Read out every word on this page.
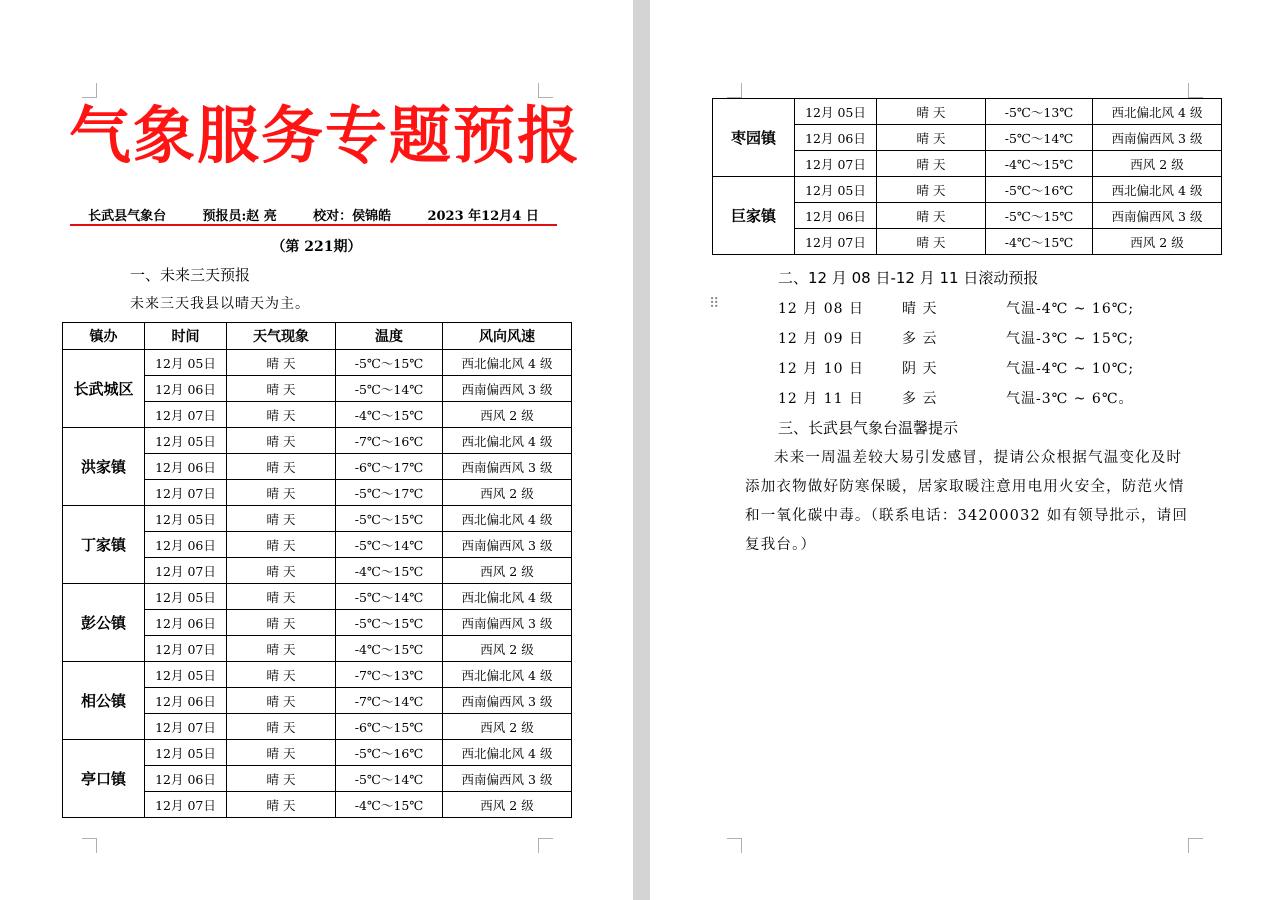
气象服务专题预报
长武县气象台	预报员:赵 亮	校对：侯锦皓	2023 年12月4 日
（第 221期）
一、未来三天预报
未来三天我县以晴天为主。
镇办	时间	天气现象	温度	风向风速
长武城区	12月 05日	晴 天	-5℃～15℃	西北偏北风 4 级
	12月 06日	晴 天	-5℃～14℃	西南偏西风 3 级
	12月 07日	晴 天	-4℃～15℃	西风 2 级
洪家镇	12月 05日	晴 天	-7℃～16℃	西北偏北风 4 级
	12月 06日	晴 天	-6℃～17℃	西南偏西风 3 级
	12月 07日	晴 天	-5℃～17℃	西风 2 级
丁家镇	12月 05日	晴 天	-5℃～15℃	西北偏北风 4 级
	12月 06日	晴 天	-5℃～14℃	西南偏西风 3 级
	12月 07日	晴 天	-4℃～15℃	西风 2 级
彭公镇	12月 05日	晴 天	-5℃～14℃	西北偏北风 4 级
	12月 06日	晴 天	-5℃～15℃	西南偏西风 3 级
	12月 07日	晴 天	-4℃～15℃	西风 2 级
相公镇	12月 05日	晴 天	-7℃～13℃	西北偏北风 4 级
	12月 06日	晴 天	-7℃～14℃	西南偏西风 3 级
	12月 07日	晴 天	-6℃～15℃	西风 2 级
亭口镇	12月 05日	晴 天	-5℃～16℃	西北偏北风 4 级
	12月 06日	晴 天	-5℃～14℃	西南偏西风 3 级
	12月 07日	晴 天	-4℃～15℃	西风 2 级
枣园镇	12月 05日	晴 天	-5℃～13℃	西北偏北风 4 级
	12月 06日	晴 天	-5℃～14℃	西南偏西风 3 级
	12月 07日	晴 天	-4℃～15℃	西风 2 级
巨家镇	12月 05日	晴 天	-5℃～16℃	西北偏北风 4 级
	12月 06日	晴 天	-5℃～15℃	西南偏西风 3 级
	12月 07日	晴 天	-4℃～15℃	西风 2 级
二、12 月 08 日-12 月 11 日滚动预报
⠿	12 月 08 日	晴 天	气温-4℃ ~ 16℃;
12 月 09 日	多 云	气温-3℃ ~ 15℃;
12 月 10 日	阴 天	气温-4℃ ~ 10℃;
12 月 11 日	多 云	气温-3℃ ~ 6℃。
三、长武县气象台温馨提示
未来一周温差较大易引发感冒，提请公众根据气温变化及时添加衣物做好防寒保暖，居家取暖注意用电用火安全，防范火情和一氧化碳中毒。（联系电话：34200032 如有领导批示，请回复我台。）
